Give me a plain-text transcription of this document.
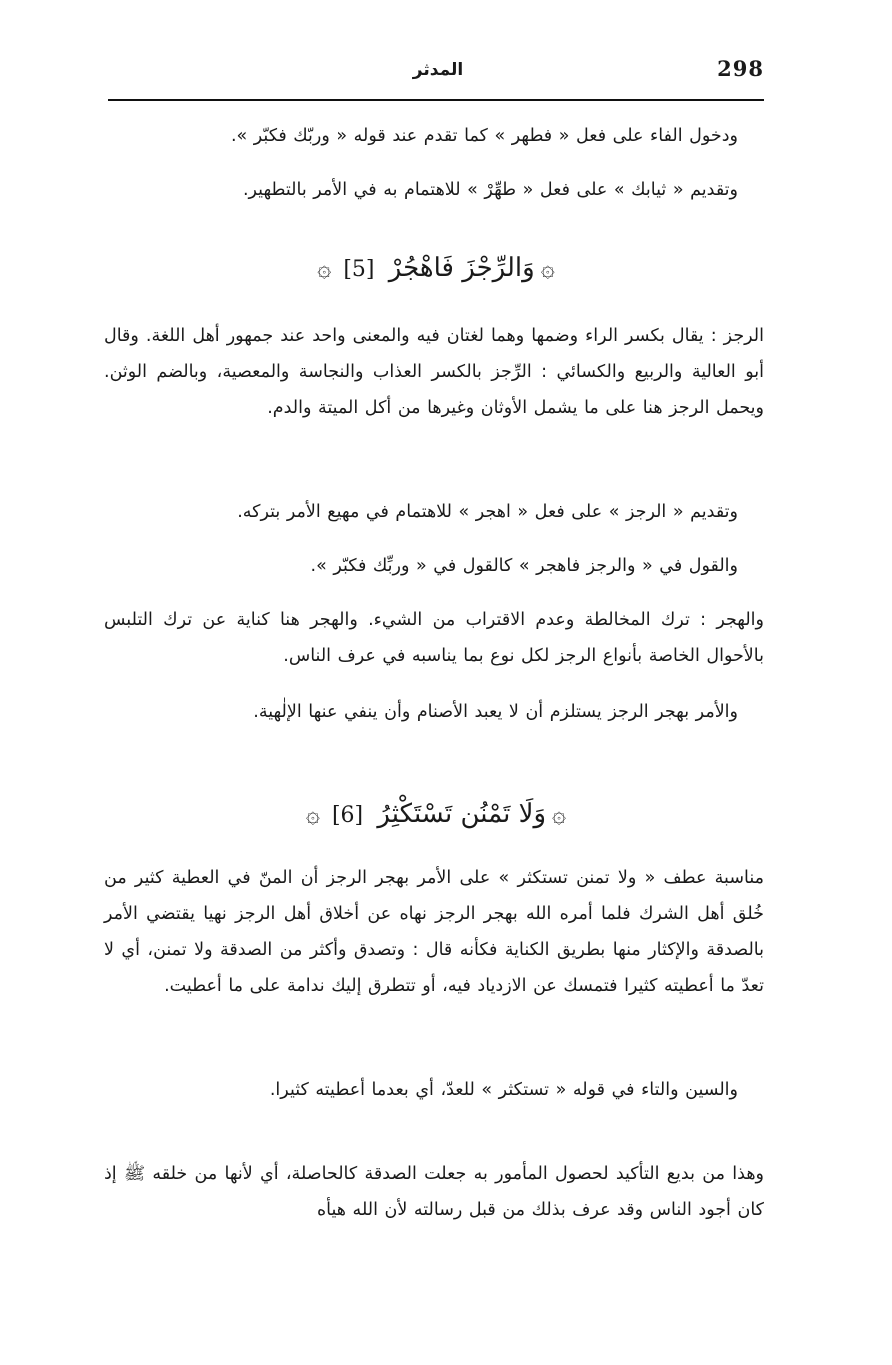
298
المدثر
ودخول الفاء على فعل « فطهر » كما تقدم عند قوله « وربّك فكبّر ».
وتقديم « ثيابك » على فعل « طهِّرْ » للاهتمام به في الأمر بالتطهير.
۞وَالرِّجْزَ فَاهْجُرْ [5]۞
الرجز : يقال بكسر الراء وضمها وهما لغتان فيه والمعنى واحد عند جمهور أهل اللغة. وقال أبو العالية والربيع والكسائي : الرِّجز بالكسر العذاب والنجاسة والمعصية، وبالضم الوثن. ويحمل الرجز هنا على ما يشمل الأوثان وغيرها من أكل الميتة والدم.
وتقديم « الرجز » على فعل « اهجر » للاهتمام في مهيع الأمر بتركه.
والقول في « والرجز فاهجر » كالقول في « وربِّك فكبّر ».
والهجر : ترك المخالطة وعدم الاقتراب من الشيء. والهجر هنا كناية عن ترك التلبس بالأحوال الخاصة بأنواع الرجز لكل نوع بما يناسبه في عرف الناس.
والأمر بهجر الرجز يستلزم أن لا يعبد الأصنام وأن ينفي عنها الإلٰهية.
۞وَلَا تَمْنُن تَسْتَكْثِرُ [6]۞
مناسبة عطف « ولا تمنن تستكثر » على الأمر بهجر الرجز أن المنّ في العطية كثير من خُلق أهل الشرك فلما أمره الله بهجر الرجز نهاه عن أخلاق أهل الرجز نهيا يقتضي الأمر بالصدقة والإكثار منها بطريق الكناية فكأنه قال : وتصدق وأكثر من الصدقة ولا تمنن، أي لا تعدّ ما أعطيته كثيرا فتمسك عن الازدياد فيه، أو تتطرق إليك ندامة على ما أعطيت.
والسين والتاء في قوله « تستكثر » للعدّ، أي بعدما أعطيته كثيرا.
وهذا من بديع التأكيد لحصول المأمور به جعلت الصدقة كالحاصلة، أي لأنها من خلقه ﷺ إذ كان أجود الناس وقد عرف بذلك من قبل رسالته لأن الله هيأه
